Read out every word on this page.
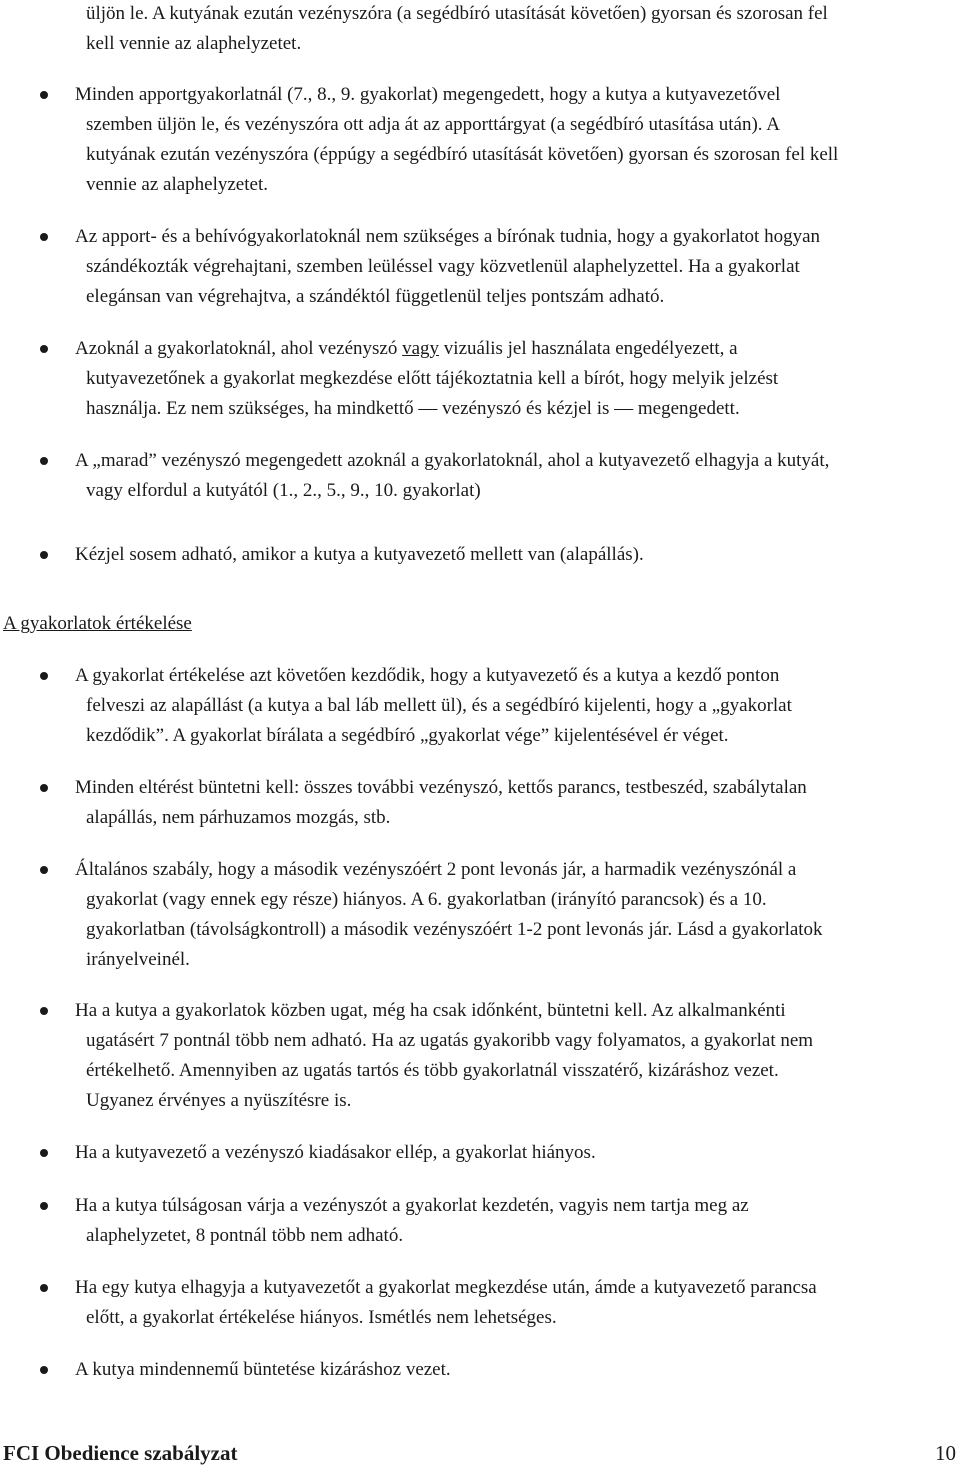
üljön le. A kutyának ezután vezényszóra (a segédbíró utasítását követően) gyorsan és szorosan fel
kell vennie az alaphelyzetet.
Minden apportgyakorlatnál (7., 8., 9. gyakorlat) megengedett, hogy a kutya a kutyavezetővel
szemben üljön le, és vezényszóra ott adja át az apporttárgyat (a segédbíró utasítása után). A
kutyának ezután vezényszóra (éppúgy a segédbíró utasítását követően) gyorsan és szorosan fel kell
vennie az alaphelyzetet.
Az apport- és a behívógyakorlatoknál nem szükséges a bírónak tudnia, hogy a gyakorlatot hogyan
szándékozták végrehajtani, szemben leüléssel vagy közvetlenül alaphelyzettel. Ha a gyakorlat
elegánsan van végrehajtva, a szándéktól függetlenül teljes pontszám adható.
Azoknál a gyakorlatoknál, ahol vezényszó vagy vizuális jel használata engedélyezett, a
kutyavezetőnek a gyakorlat megkezdése előtt tájékoztatnia kell a bírót, hogy melyik jelzést
használja. Ez nem szükséges, ha mindkettő — vezényszó és kézjel is — megengedett.
A „marad” vezényszó megengedett azoknál a gyakorlatoknál, ahol a kutyavezető elhagyja a kutyát,
vagy elfordul a kutyától (1., 2., 5., 9., 10. gyakorlat)
Kézjel sosem adható, amikor a kutya a kutyavezető mellett van (alapállás).
A gyakorlatok értékelése
A gyakorlat értékelése azt követően kezdődik, hogy a kutyavezető és a kutya a kezdő ponton
felveszi az alapállást (a kutya a bal láb mellett ül), és a segédbíró kijelenti, hogy a „gyakorlat
kezdődik”. A gyakorlat bírálata a segédbíró „gyakorlat vége” kijelentésével ér véget.
Minden eltérést büntetni kell: összes további vezényszó, kettős parancs, testbeszéd, szabálytalan
alapállás, nem párhuzamos mozgás, stb.
Általános szabály, hogy a második vezényszóért 2 pont levonás jár, a harmadik vezényszónál a
gyakorlat (vagy ennek egy része) hiányos. A 6. gyakorlatban (irányító parancsok) és a 10.
gyakorlatban (távolságkontroll) a második vezényszóért 1-2 pont levonás jár. Lásd a gyakorlatok
irányelveinél.
Ha a kutya a gyakorlatok közben ugat, még ha csak időnként, büntetni kell. Az alkalmankénti
ugatásért 7 pontnál több nem adható. Ha az ugatás gyakoribb vagy folyamatos, a gyakorlat nem
értékelhető. Amennyiben az ugatás tartós és több gyakorlatnál visszatérő, kizáráshoz vezet.
Ugyanez érvényes a nyüszítésre is.
Ha a kutyavezető a vezényszó kiadásakor ellép, a gyakorlat hiányos.
Ha a kutya túlságosan várja a vezényszót a gyakorlat kezdetén, vagyis nem tartja meg az
alaphelyzetet, 8 pontnál több nem adható.
Ha egy kutya elhagyja a kutyavezetőt a gyakorlat megkezdése után, ámde a kutyavezető parancsa
előtt, a gyakorlat értékelése hiányos. Ismétlés nem lehetséges.
A kutya mindennemű büntetése kizáráshoz vezet.
FCI Obedience szabályzat	10
